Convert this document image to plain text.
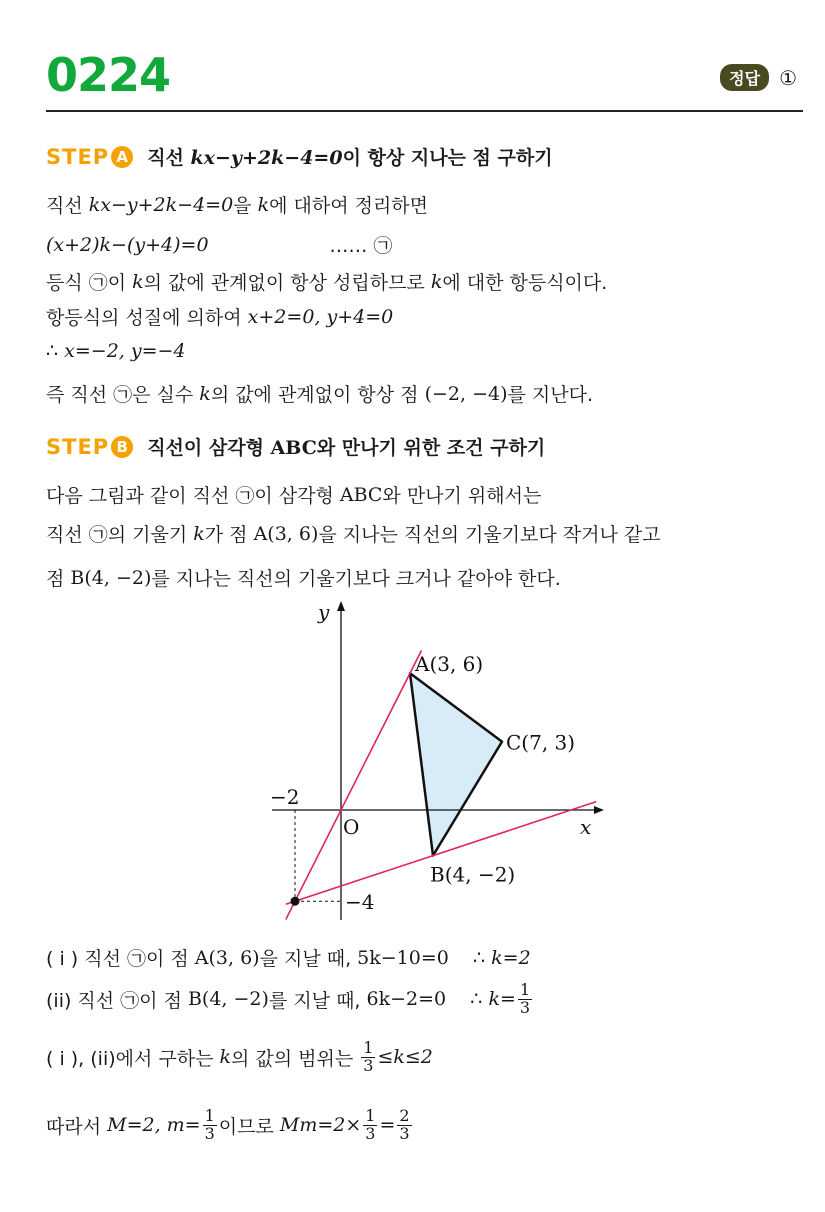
0224	정답 ①
STEP A 직선 kx−y+2k−4=0이 항상 지나는 점 구하기
직선 kx−y+2k−4=0 을 k 에 대하여 정리하면
(x+2)k−(y+4)=0 …… ㉠
등식 ㉠이 k 의 값에 관계없이 항상 성립하므로 k 에 대한 항등식이다.
항등식의 성질에 의하여 x+2=0, y+4=0
∴ x=−2, y=−4
즉 직선 ㉠은 실수 k 의 값에 관계없이 항상 점 (−2, −4) 를 지난다.
STEP B 직선이 삼각형 ABC와 만나기 위한 조건 구하기
다음 그림과 같이 직선 ㉠이 삼각형 ABC 와 만나기 위해서는
직선 ㉠의 기울기 k 가 점 A(3, 6) 을 지나는 직선의 기울기보다 작거나 같고
점 B(4, −2) 를 지나는 직선의 기울기보다 크거나 같아야 한다.
A(3, 6)
C(7, 3)
B(4, −2)
O	x
y
−2
−4
( i ) 직선 ㉠이 점 A(3, 6) 을 지날 때, 5k−10=0 ∴ k=2
(ii) 직선 ㉠이 점 B(4, −2) 를 지날 때, 6k−2=0 ∴ $k= \frac{1}{3}$
( i ), (ii)에서 구하는 k 의 값의 범위는 $\frac{1}{3} \le k\le 2$
따라서 M=2, $m= \frac{1}{3}$ 이므로 $Mm=2\times \frac{1}{3} = \frac{2}{3}$
